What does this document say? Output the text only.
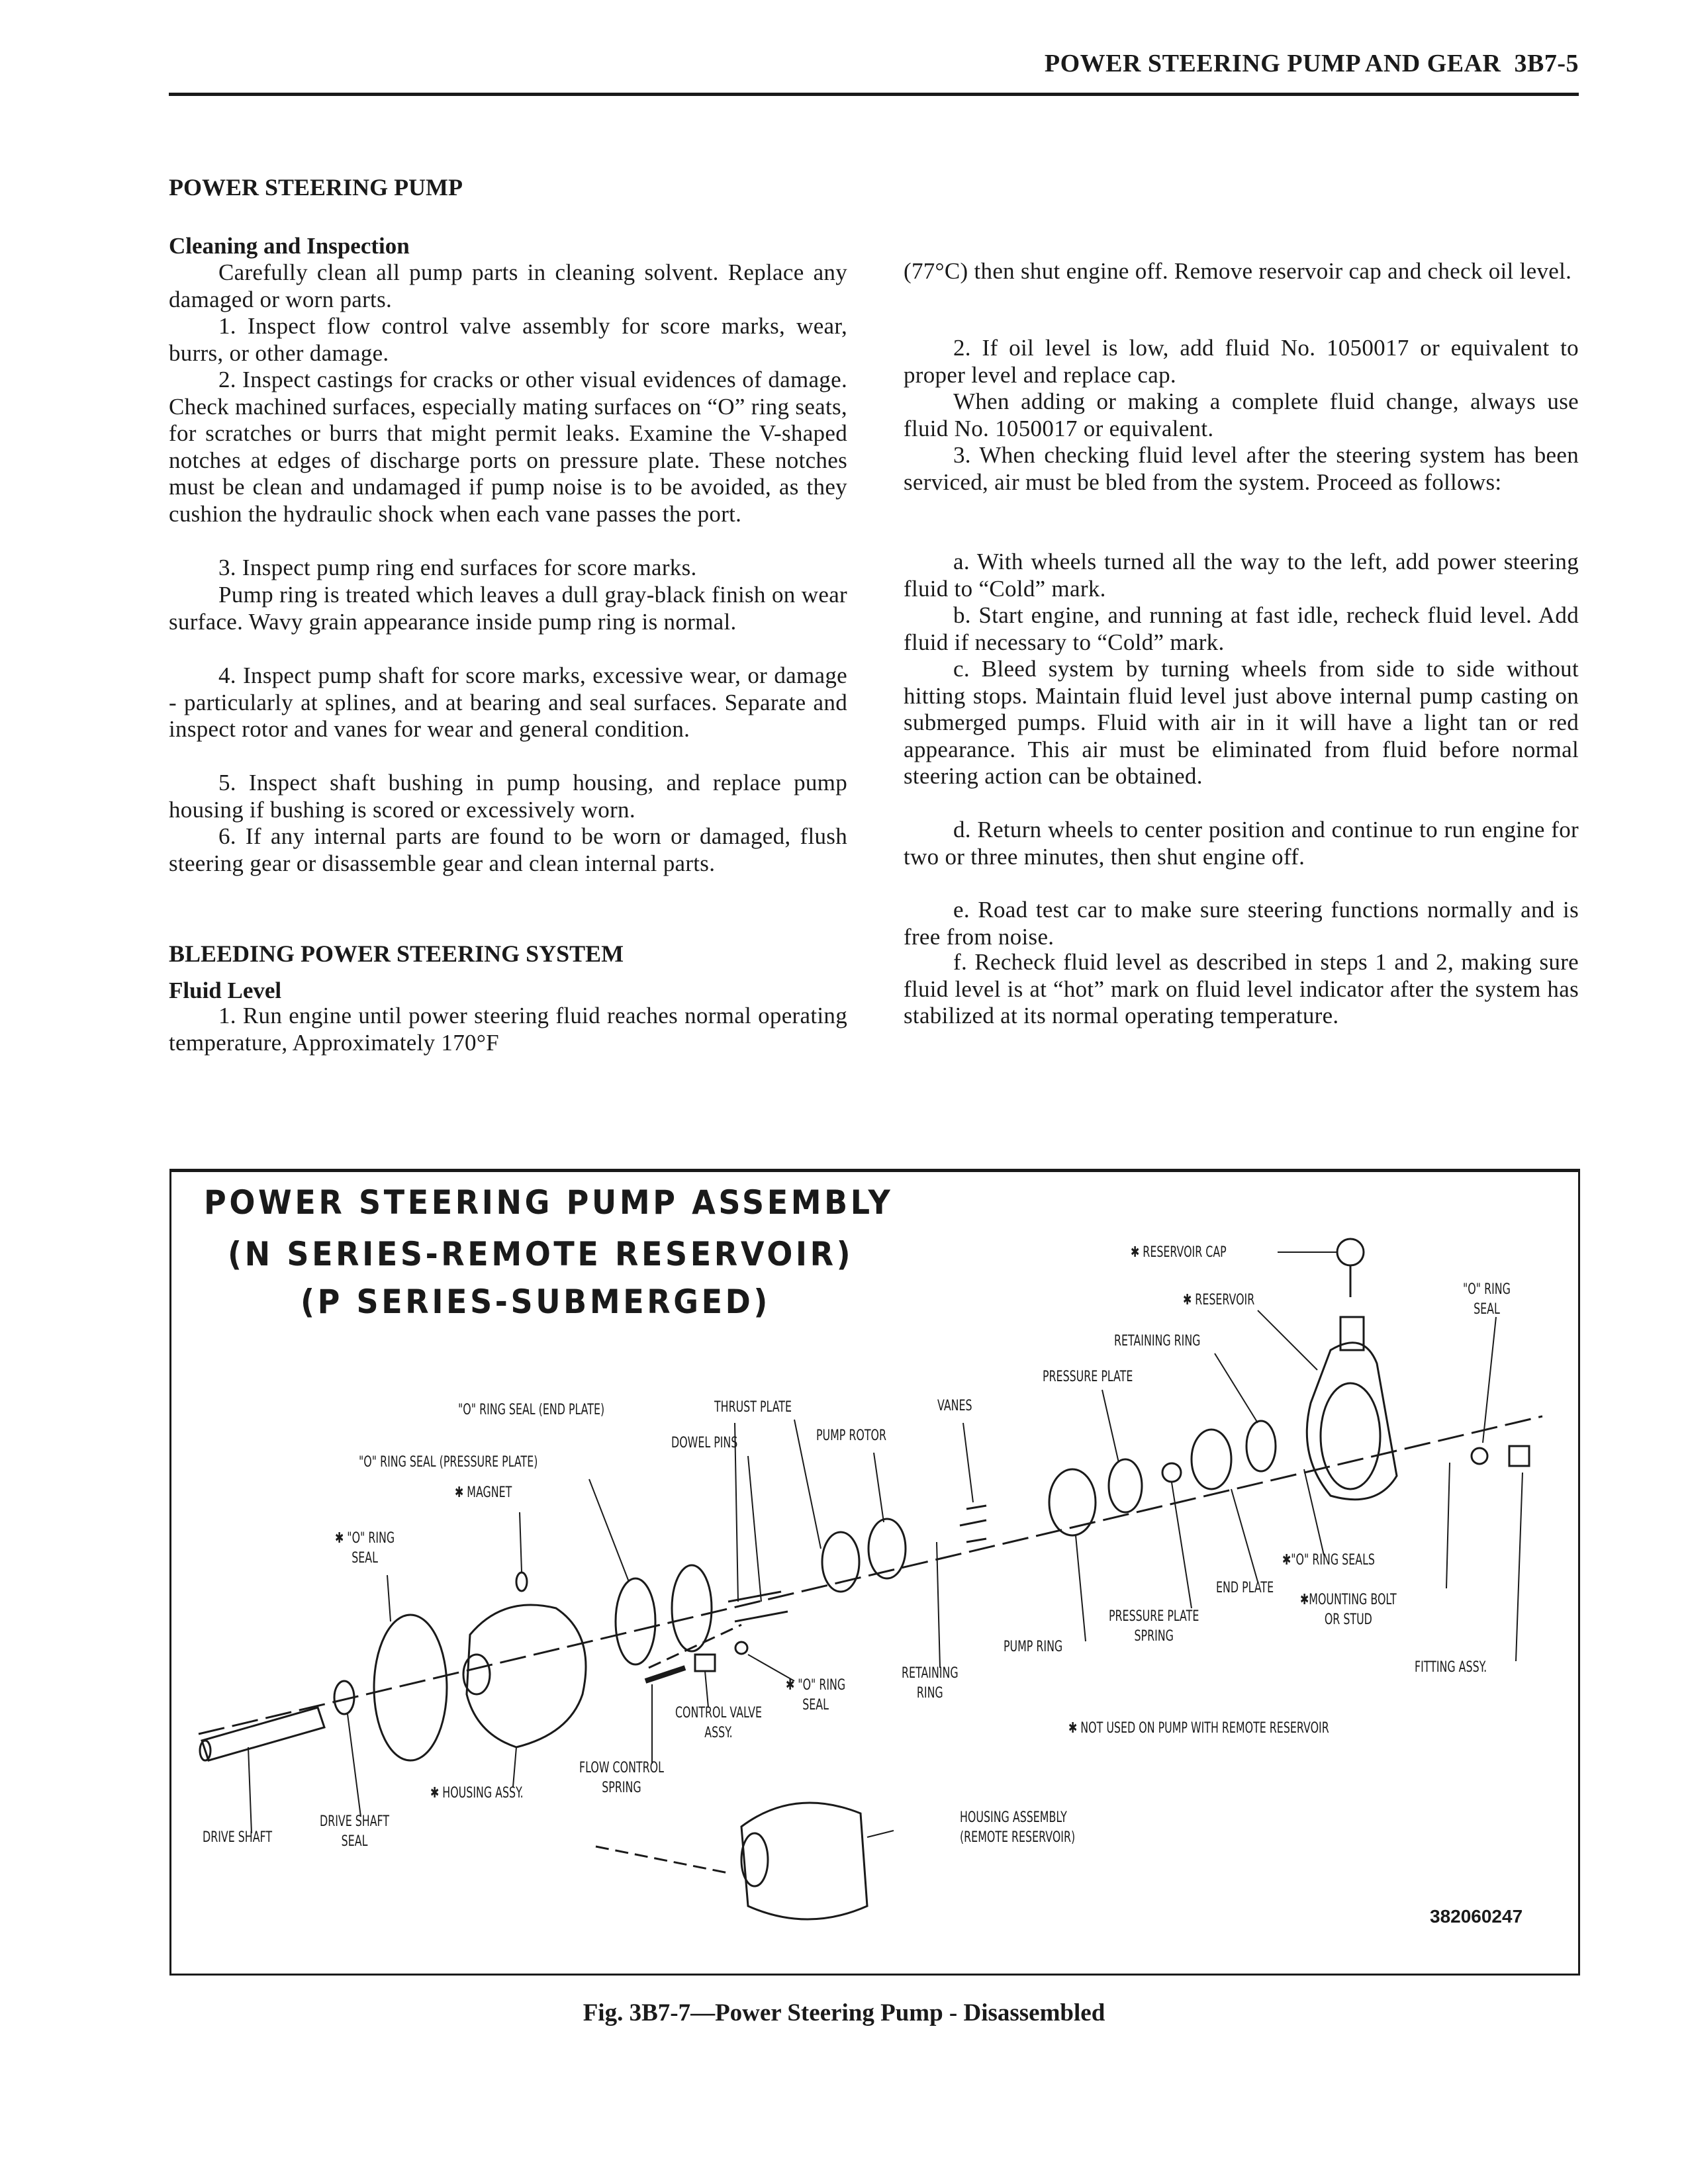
POWER STEERING PUMP AND GEAR 3B7-5
POWER STEERING PUMP
Cleaning and Inspection
Carefully clean all pump parts in cleaning solvent. Replace any damaged or worn parts.
1. Inspect flow control valve assembly for score marks, wear, burrs, or other damage.
2. Inspect castings for cracks or other visual evidences of damage. Check machined surfaces, especially mating surfaces on “O” ring seats, for scratches or burrs that might permit leaks. Examine the V-shaped notches at edges of discharge ports on pressure plate. These notches must be clean and undamaged if pump noise is to be avoided, as they cushion the hydraulic shock when each vane passes the port.
3. Inspect pump ring end surfaces for score marks.
Pump ring is treated which leaves a dull gray-black finish on wear surface. Wavy grain appearance inside pump ring is normal.
4. Inspect pump shaft for score marks, excessive wear, or damage - particularly at splines, and at bearing and seal surfaces. Separate and inspect rotor and vanes for wear and general condition.
5. Inspect shaft bushing in pump housing, and replace pump housing if bushing is scored or excessively worn.
6. If any internal parts are found to be worn or damaged, flush steering gear or disassemble gear and clean internal parts.
BLEEDING POWER STEERING SYSTEM
Fluid Level
1. Run engine until power steering fluid reaches normal operating temperature, Approximately 170°F
(77°C) then shut engine off. Remove reservoir cap and check oil level.
2. If oil level is low, add fluid No. 1050017 or equivalent to proper level and replace cap.
When adding or making a complete fluid change, always use fluid No. 1050017 or equivalent.
3. When checking fluid level after the steering system has been serviced, air must be bled from the system. Proceed as follows:
a. With wheels turned all the way to the left, add power steering fluid to “Cold” mark.
b. Start engine, and running at fast idle, recheck fluid level. Add fluid if necessary to “Cold” mark.
c. Bleed system by turning wheels from side to side without hitting stops. Maintain fluid level just above internal pump casting on submerged pumps. Fluid with air in it will have a light tan or red appearance. This air must be eliminated from fluid before normal steering action can be obtained.
d. Return wheels to center position and continue to run engine for two or three minutes, then shut engine off.
e. Road test car to make sure steering functions normally and is free from noise.
f. Recheck fluid level as described in steps 1 and 2, making sure fluid level is at “hot” mark on fluid level indicator after the system has stabilized at its normal operating temperature.
POWER STEERING PUMP ASSEMBLY
(N SERIES-REMOTE RESERVOIR)
(P SERIES-SUBMERGED)
✱ RESERVOIR CAP
✱ RESERVOIR
"O" RING
SEAL
RETAINING RING
PRESSURE PLATE
"O" RING SEAL (END PLATE)	THRUST PLATE	VANES
DOWEL PINS	PUMP ROTOR
"O" RING SEAL (PRESSURE PLATE)
✱ MAGNET
✱ "O" RING
SEAL	✱"O" RING SEALS
END PLATE
✱MOUNTING BOLT
OR STUD
PRESSURE PLATE
SPRING
PUMP RING
FITTING ASSY.
RETAINING
RING
✱ "O" RING
SEAL
CONTROL VALVE
ASSY.	✱ NOT USED ON PUMP WITH REMOTE RESERVOIR
FLOW CONTROL
SPRING
✱ HOUSING ASSY.
HOUSING ASSEMBLY
(REMOTE RESERVOIR)
DRIVE SHAFT
SEAL
DRIVE SHAFT
382060247
Fig. 3B7-7—Power Steering Pump - Disassembled
